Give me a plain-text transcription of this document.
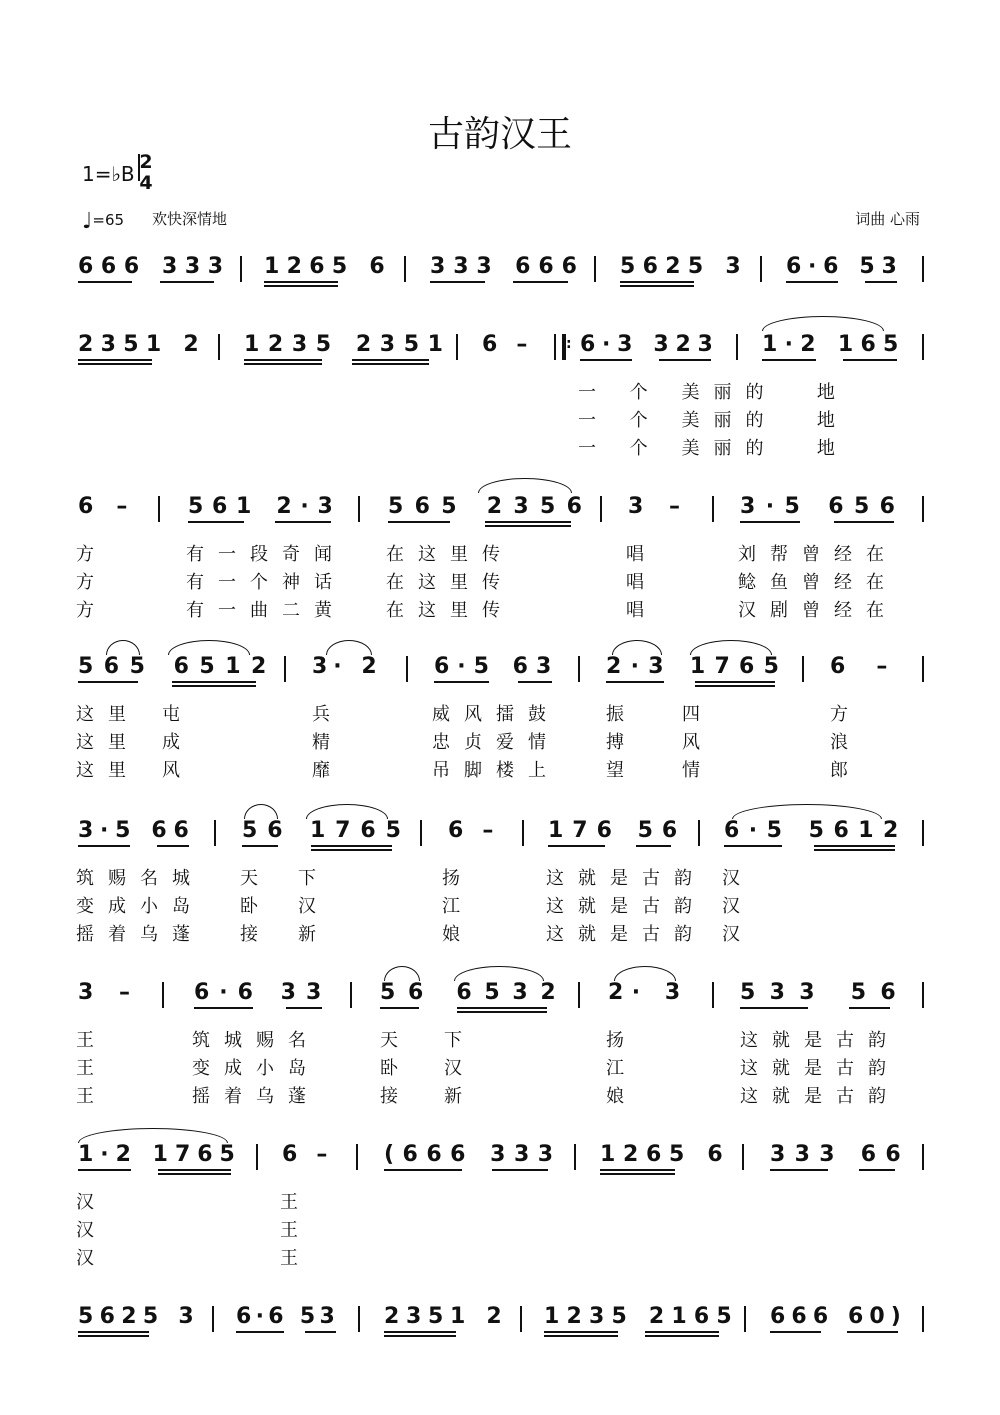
古韵汉王
1=♭B 2
4
♩=65 欢快深情地	词曲 心雨
666 333 1265 6 333 666 5625 3 6·6 53
2351 2 1235 2351 6 – 6·3 323 1·2 165
:
一 个 美丽的  地
一 个 美丽的  地
一 个 美丽的  地
6 – 561 2·3 565 2356 3 – 3·5 656
方	有一段奇闻 在这里传	唱	刘帮曾经在
方	有一个神话 在这里传	唱	鲶鱼曾经在
方	有一曲二黄 在这里传	唱	汉剧曾经在
565 6512 3· 2 6·5 63 2·3 1765 6 –
这里 屯	兵	威风擂鼓	振 四	方
这里 成	精	忠贞爱情	搏 风	浪
这里 风	靡	吊脚楼上	望 情	郎
3·5 66 56 1765 6 – 176 56 6·5 5612
筑赐名城 天 下	扬	这就是古韵 汉
变成小岛 卧 汉	江	这就是古韵 汉
摇着乌蓬 接 新	娘	这就是古韵 汉
3 –	6·6 33 56 6532 2· 3 533 56
王	筑城赐名	天 下	扬	这就是古韵
王	变成小岛	卧 汉	江	这就是古韵
王	摇着乌蓬	接 新	娘	这就是古韵
1·2 1765 6 – (666 333 1265 6 333 66
汉	王
汉	王
汉	王
5625 3 6·6 53 2351 2 1235 2165 666 60)
